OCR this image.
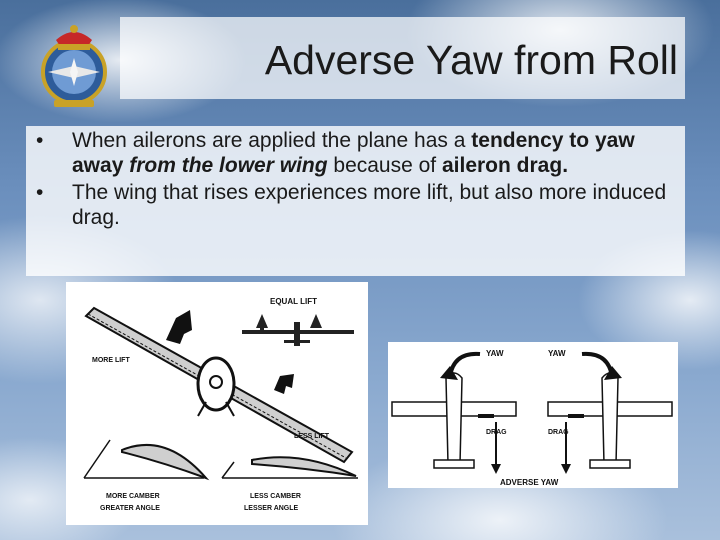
Adverse Yaw from Roll
• When ailerons are applied the plane has a tendency to yaw away from the lower wing because of aileron drag.
• The wing that rises experiences more lift, but also more induced drag.
EQUAL LIFT
MORE LIFT
LESS LIFT
MORE CAMBER
GREATER ANGLE
LESS CAMBER
LESSER ANGLE
YAW	YAW
DRAG	DRAG
ADVERSE YAW
